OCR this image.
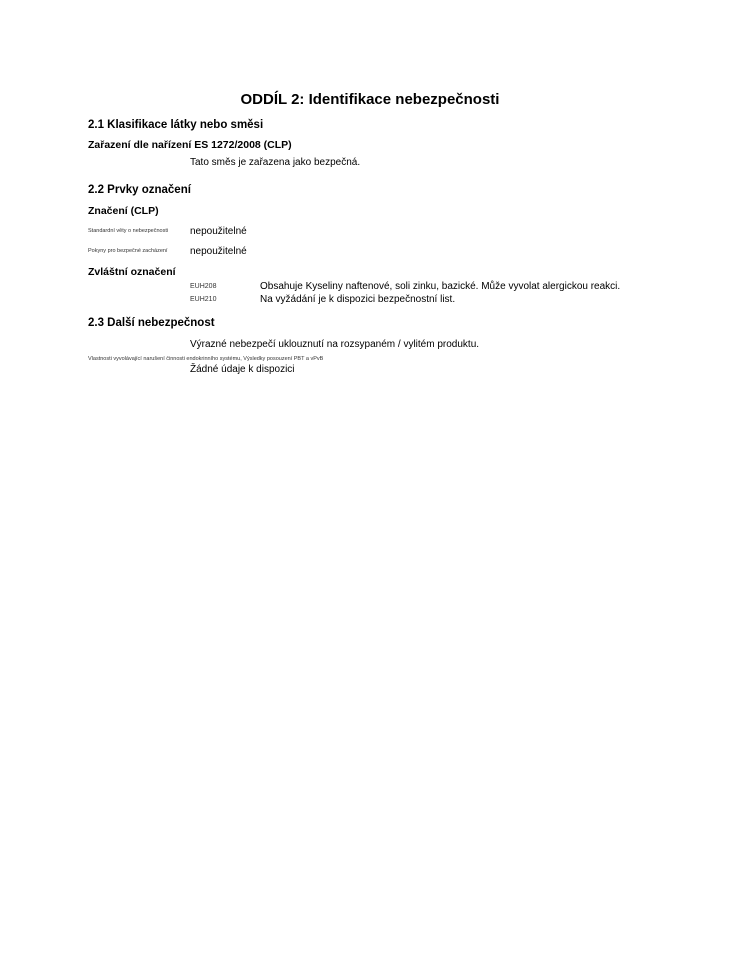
ODDÍL 2: Identifikace nebezpečnosti
2.1 Klasifikace látky nebo směsi
Zařazení dle nařízení ES 1272/2008 (CLP)
Tato směs je zařazena jako bezpečná.
2.2 Prvky označení
Značení (CLP)
Standardní věty o nebezpečnosti	nepoužitelné
Pokyny pro bezpečné zacházení	nepoužitelné
Zvláštní označení
EUH208	Obsahuje Kyseliny naftenové, soli zinku, bazické. Může vyvolat alergickou reakci.
EUH210	Na vyžádání je k dispozici bezpečnostní list.
2.3 Další nebezpečnost
Výrazné nebezpečí uklouznutí na rozsypaném / vylitém produktu.
Vlastnosti vyvolávající narušení činnosti endokrinního systému, Výsledky posouzení PBT a vPvB
Žádné údaje k dispozici
